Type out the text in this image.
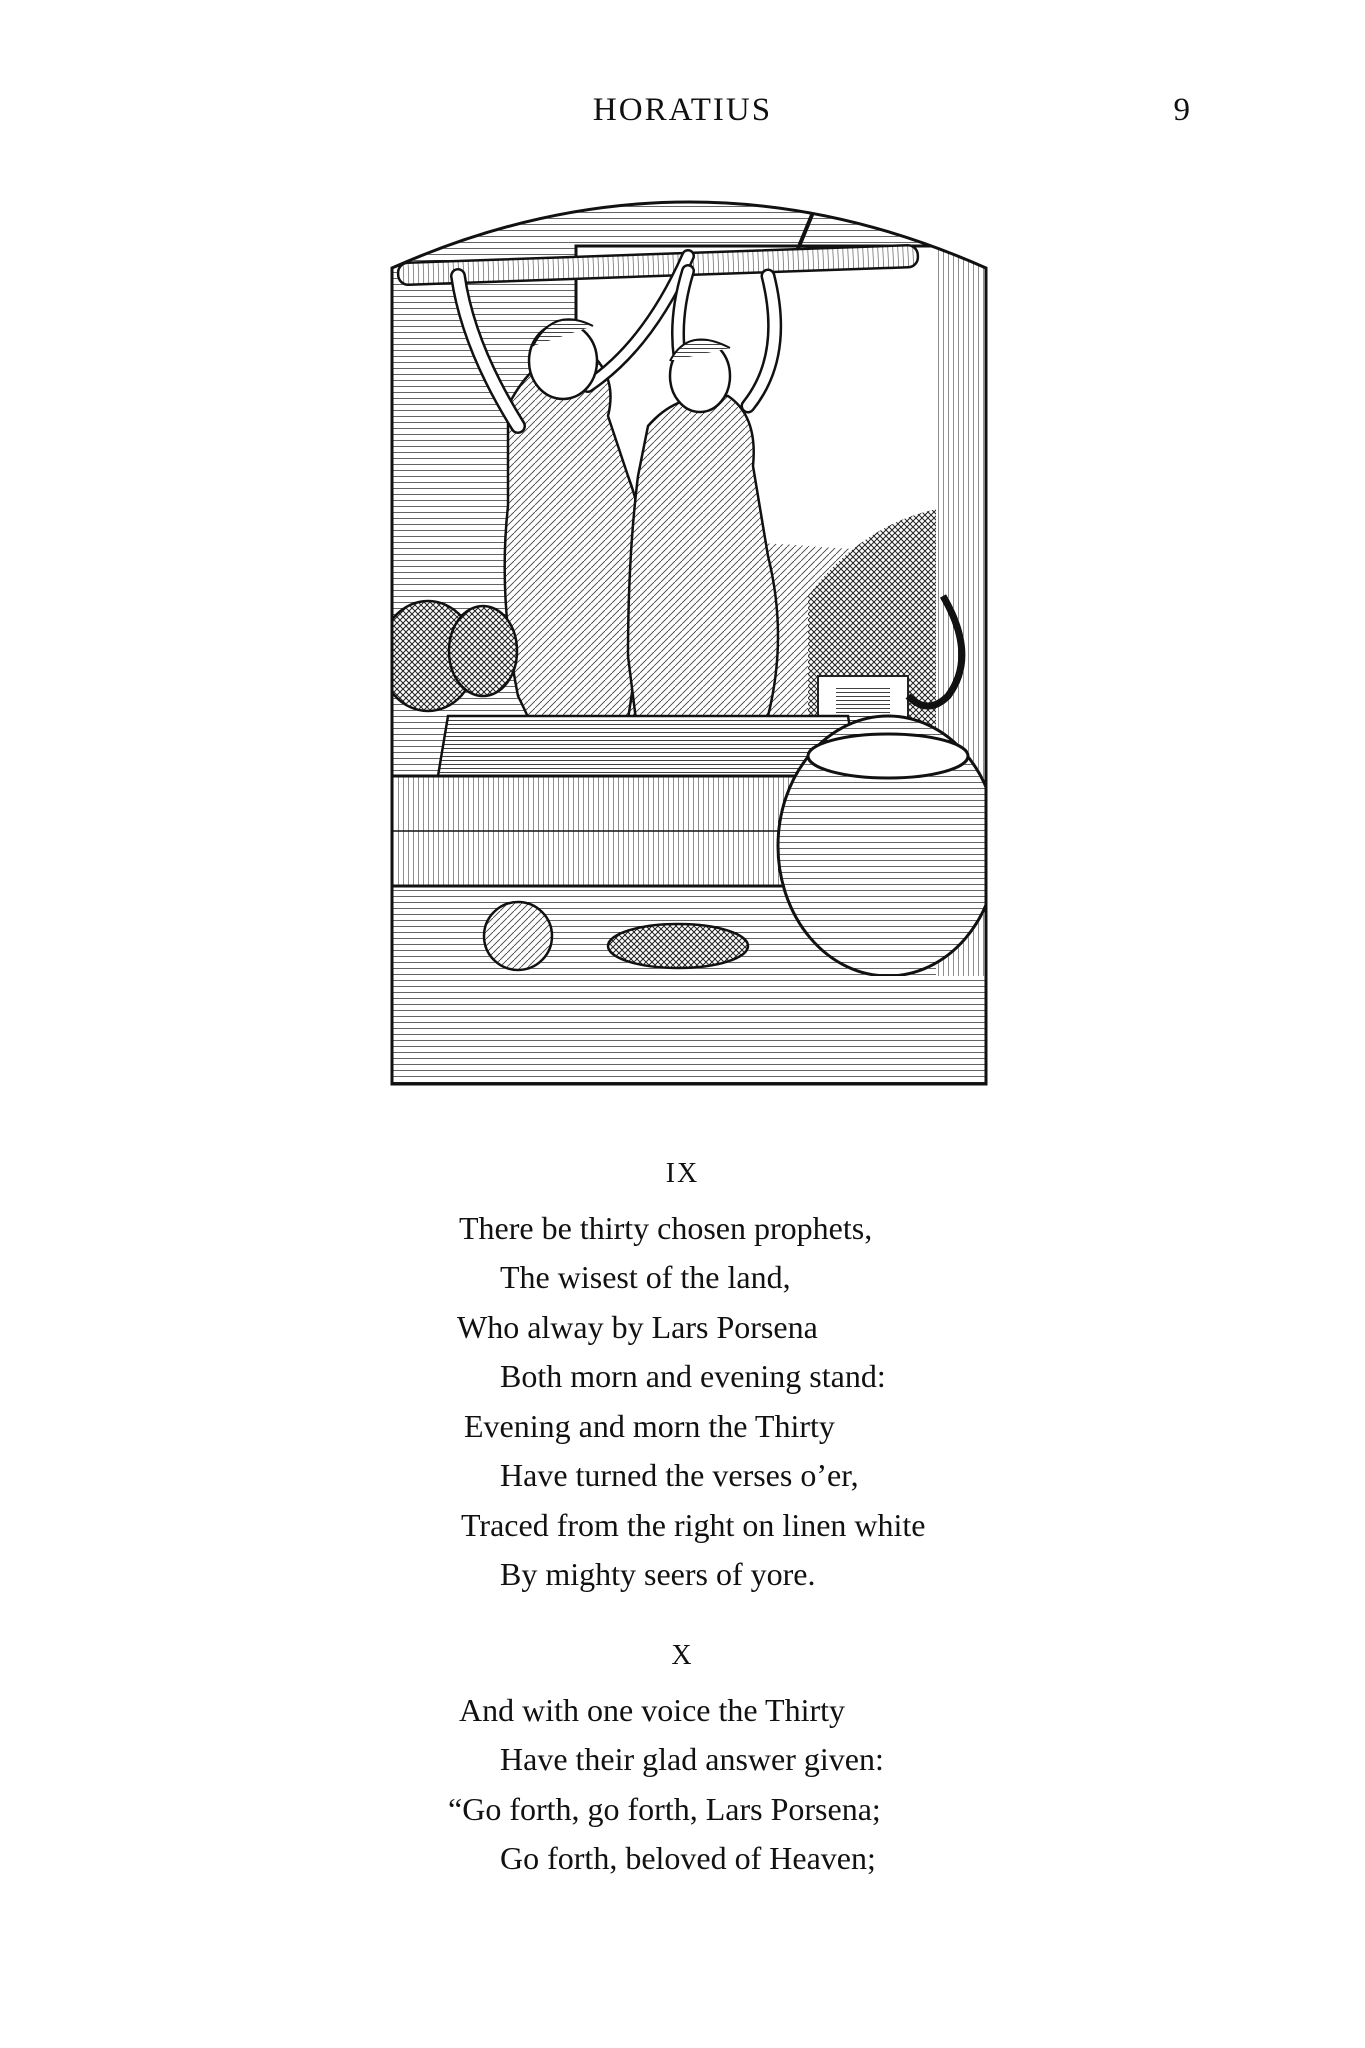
HORATIUS	9
IX
There be thirty chosen prophets,
The wisest of the land,
Who alway by Lars Porsena
Both morn and evening stand:
Evening and morn the Thirty
Have turned the verses o’er,
Traced from the right on linen white
By mighty seers of yore.
X
And with one voice the Thirty
Have their glad answer given:
“Go forth, go forth, Lars Porsena;
Go forth, beloved of Heaven;
